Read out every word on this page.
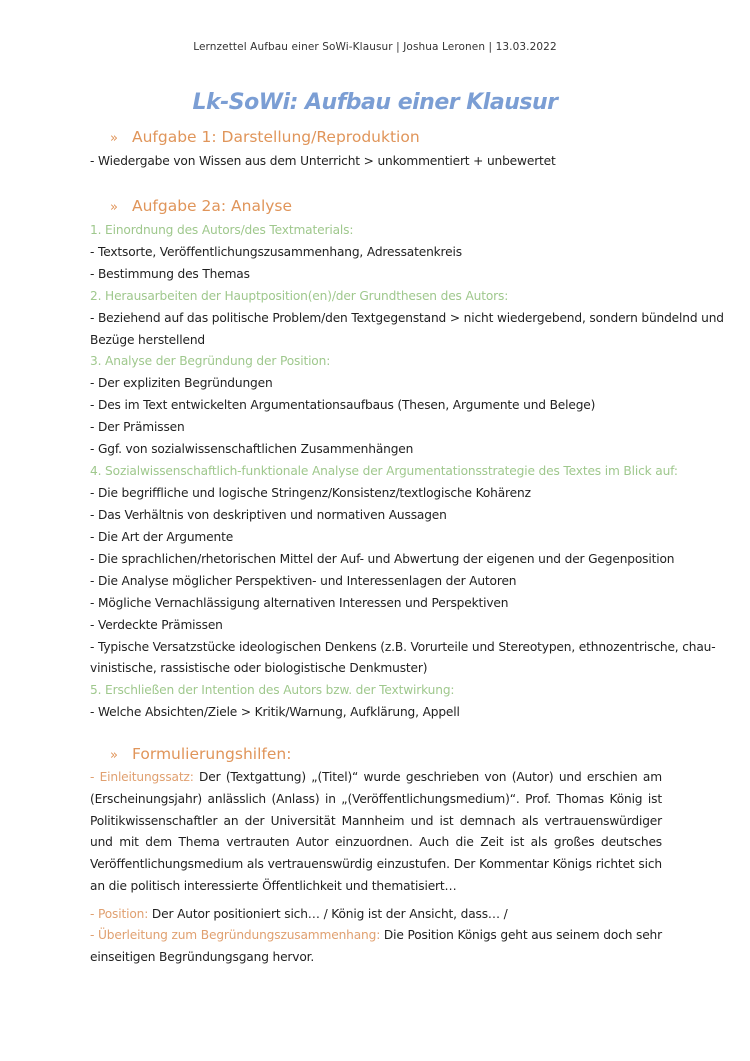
Lernzettel Aufbau einer SoWi-Klausur | Joshua Leronen | 13.03.2022
Lk-SoWi: Aufbau einer Klausur
» Aufgabe 1: Darstellung/Reproduktion
- Wiedergabe von Wissen aus dem Unterricht > unkommentiert + unbewertet
» Aufgabe 2a: Analyse
1. Einordnung des Autors/des Textmaterials:
- Textsorte, Veröffentlichungszusammenhang, Adressatenkreis
- Bestimmung des Themas
2. Herausarbeiten der Hauptposition(en)/der Grundthesen des Autors:
- Beziehend auf das politische Problem/den Textgegenstand > nicht wiedergebend, sondern bündelnd und
Bezüge herstellend
3. Analyse der Begründung der Position:
- Der expliziten Begründungen
- Des im Text entwickelten Argumentationsaufbaus (Thesen, Argumente und Belege)
- Der Prämissen
- Ggf. von sozialwissenschaftlichen Zusammenhängen
4. Sozialwissenschaftlich-funktionale Analyse der Argumentationsstrategie des Textes im Blick auf:
- Die begriffliche und logische Stringenz/Konsistenz/textlogische Kohärenz
- Das Verhältnis von deskriptiven und normativen Aussagen
- Die Art der Argumente
- Die sprachlichen/rhetorischen Mittel der Auf- und Abwertung der eigenen und der Gegenposition
- Die Analyse möglicher Perspektiven- und Interessenlagen der Autoren
- Mögliche Vernachlässigung alternativen Interessen und Perspektiven
- Verdeckte Prämissen
- Typische Versatzstücke ideologischen Denkens (z.B. Vorurteile und Stereotypen, ethnozentrische, chau-
vinistische, rassistische oder biologistische Denkmuster)
5. Erschließen der Intention des Autors bzw. der Textwirkung:
- Welche Absichten/Ziele > Kritik/Warnung, Aufklärung, Appell
» Formulierungshilfen:
- Einleitungssatz: Der (Textgattung) „(Titel)“ wurde geschrieben von (Autor) und erschien am (Erscheinungsjahr) anlässlich (Anlass) in „(Veröffentlichungsmedium)“. Prof. Thomas König ist Politikwissenschaftler an der Universität Mannheim und ist demnach als vertrauenswürdiger und mit dem Thema vertrauten Autor einzuordnen. Auch die Zeit ist als großes deutsches Veröffentlichungsmedium als vertrauenswürdig einzustufen. Der Kommentar Königs richtet sich an die politisch interessierte Öffentlichkeit und thematisiert…
- Position: Der Autor positioniert sich… / König ist der Ansicht, dass… /
- Überleitung zum Begründungszusammenhang: Die Position Königs geht aus seinem doch sehr einseitigen Begründungsgang hervor.
